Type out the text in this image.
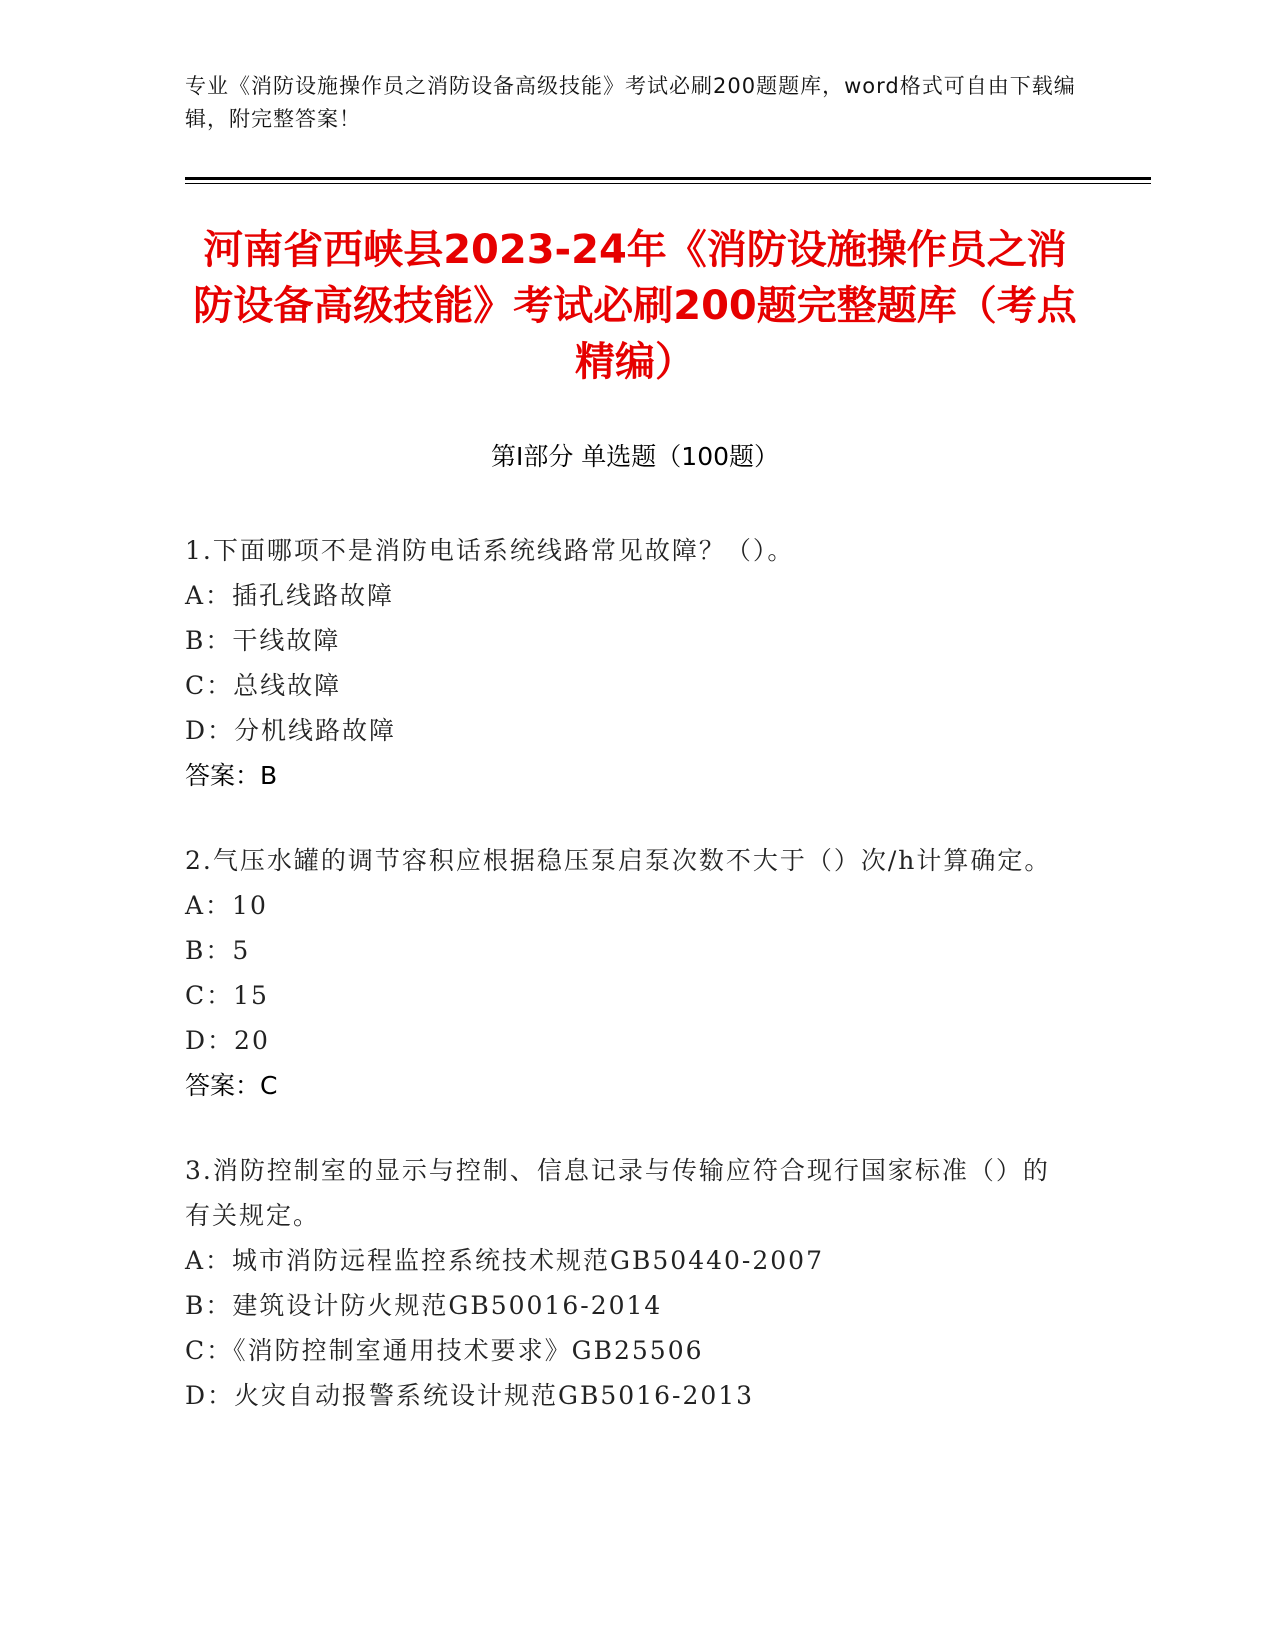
专业《消防设施操作员之消防设备高级技能》考试必刷200题题库，word格式可自由下载编辑，附完整答案！
河南省西峡县2023-24年《消防设施操作员之消防设备高级技能》考试必刷200题完整题库（考点精编）
第I部分 单选题（100题）
1.下面哪项不是消防电话系统线路常见故障？（）。
A：插孔线路故障
B：干线故障
C：总线故障
D：分机线路故障
答案：B
2.气压水罐的调节容积应根据稳压泵启泵次数不大于（）次/h计算确定。
A：10
B：5
C：15
D：20
答案：C
3.消防控制室的显示与控制、信息记录与传输应符合现行国家标准（）的有关规定。
A：城市消防远程监控系统技术规范GB50440-2007
B：建筑设计防火规范GB50016-2014
C：《消防控制室通用技术要求》GB25506
D：火灾自动报警系统设计规范GB5016-2013
